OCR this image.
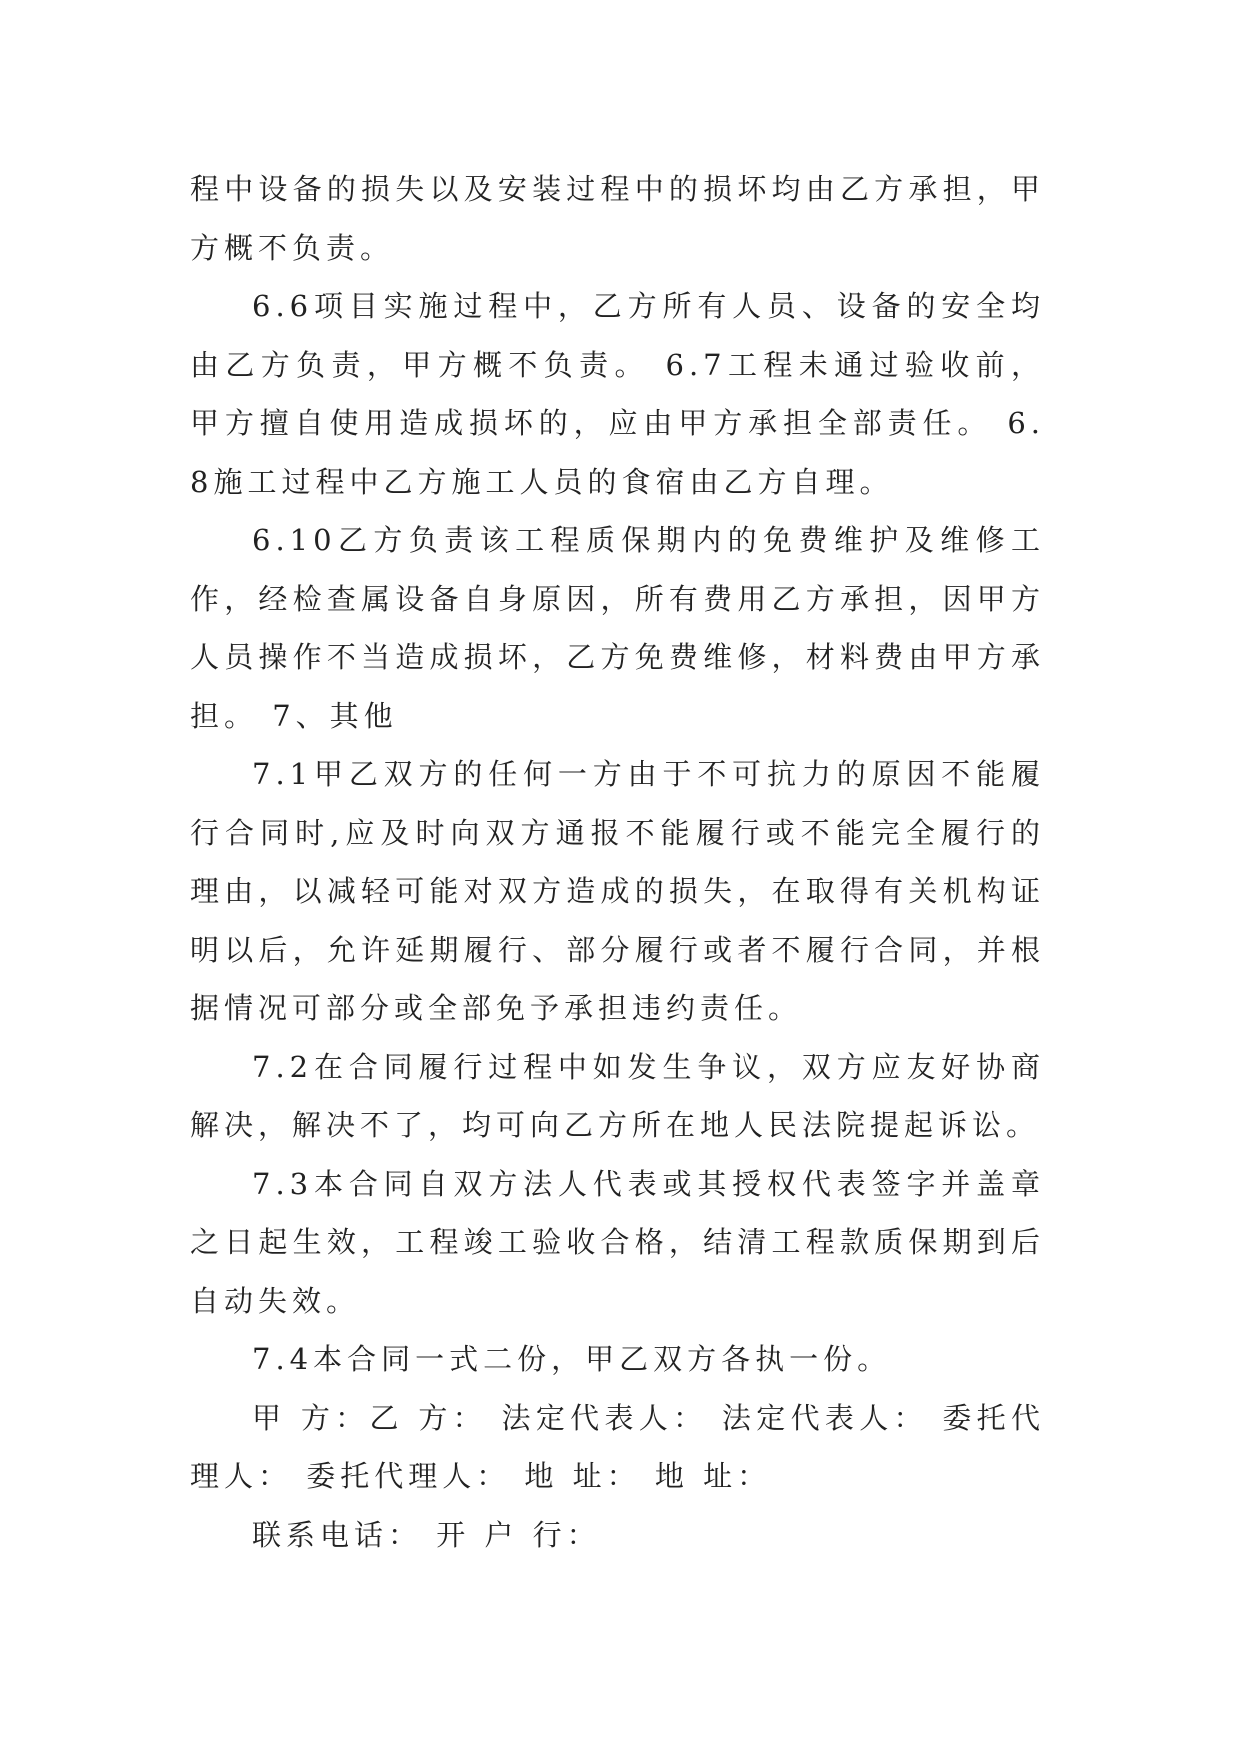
程中设备的损失以及安装过程中的损坏均由乙方承担，甲方概不负责。

6.6项目实施过程中，乙方所有人员、设备的安全均由乙方负责，甲方概不负责。 6.7工程未通过验收前，甲方擅自使用造成损坏的，应由甲方承担全部责任。 6.8施工过程中乙方施工人员的食宿由乙方自理。

6.10乙方负责该工程质保期内的免费维护及维修工作，经检查属设备自身原因，所有费用乙方承担，因甲方人员操作不当造成损坏，乙方免费维修，材料费由甲方承担。 7、其他

7.1甲乙双方的任何一方由于不可抗力的原因不能履行合同时,应及时向双方通报不能履行或不能完全履行的理由，以减轻可能对双方造成的损失，在取得有关机构证明以后，允许延期履行、部分履行或者不履行合同，并根据情况可部分或全部免予承担违约责任。

7.2在合同履行过程中如发生争议，双方应友好协商解决，解决不了，均可向乙方所在地人民法院提起诉讼。

7.3本合同自双方法人代表或其授权代表签字并盖章之日起生效，工程竣工验收合格，结清工程款质保期到后自动失效。

7.4本合同一式二份，甲乙双方各执一份。

甲 方：乙 方： 法定代表人： 法定代表人： 委托代理人： 委托代理人： 地 址： 地 址：

联系电话： 开 户 行：
